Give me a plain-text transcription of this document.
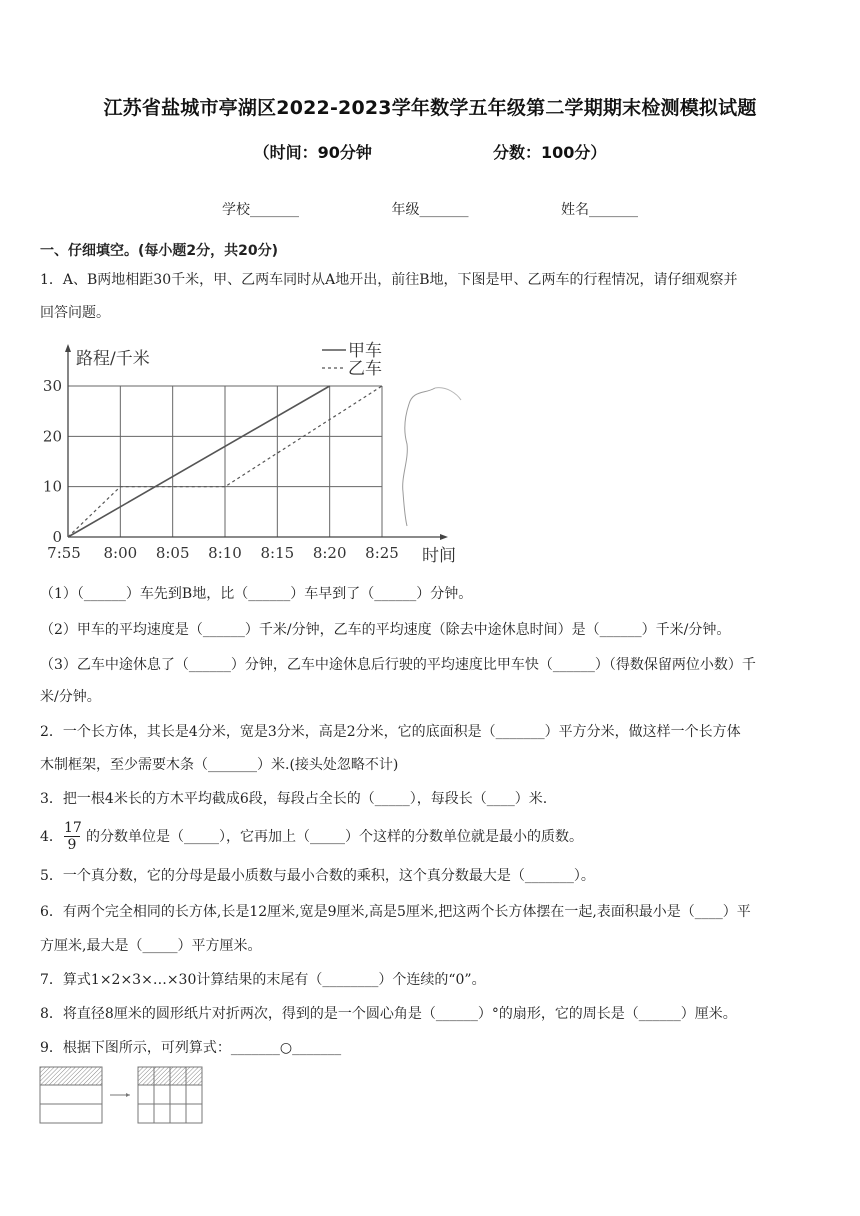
江苏省盐城市亭湖区2022-2023学年数学五年级第二学期期末检测模拟试题
（时间：90分钟	分数：100分）
学校_______	年级_______	姓名_______
一、仔细填空。(每小题2分，共20分)
1．A、B两地相距30千米，甲、乙两车同时从A地开出，前往B地，下图是甲、乙两车的行程情况，请仔细观察并
回答问题。
0
10
20
30
7:55 8:00 8:05 8:10 8:15 8:20 8:25
路程/千米
时间
甲车
乙车
（1）（______）车先到B地，比（______）车早到了（______）分钟。
（2）甲车的平均速度是（______）千米/分钟，乙车的平均速度（除去中途休息时间）是（______）千米/分钟。
（3）乙车中途休息了（______）分钟，乙车中途休息后行驶的平均速度比甲车快（______）（得数保留两位小数）千
米/分钟。
2．一个长方体，其长是4分米，宽是3分米，高是2分米，它的底面积是（_______）平方分米，做这样一个长方体
木制框架，至少需要木条（_______）米.(接头处忽略不计)
3．把一根4米长的方木平均截成6段，每段占全长的（_____），每段长（____）米.
4． $\frac{17}{9}$ 的分数单位是（_____），它再加上（_____）个这样的分数单位就是最小的质数。
5．一个真分数，它的分母是最小质数与最小合数的乘积，这个真分数最大是（_______）。
6．有两个完全相同的长方体,长是12厘米,宽是9厘米,高是5厘米,把这两个长方体摆在一起,表面积最小是（____）平
方厘米,最大是（_____）平方厘米。
7．算式1×2×3×…×30计算结果的末尾有（________）个连续的“0”。
8．将直径8厘米的圆形纸片对折两次，得到的是一个圆心角是（______）°的扇形，它的周长是（______）厘米。
9．根据下图所示，可列算式：_______○_______
